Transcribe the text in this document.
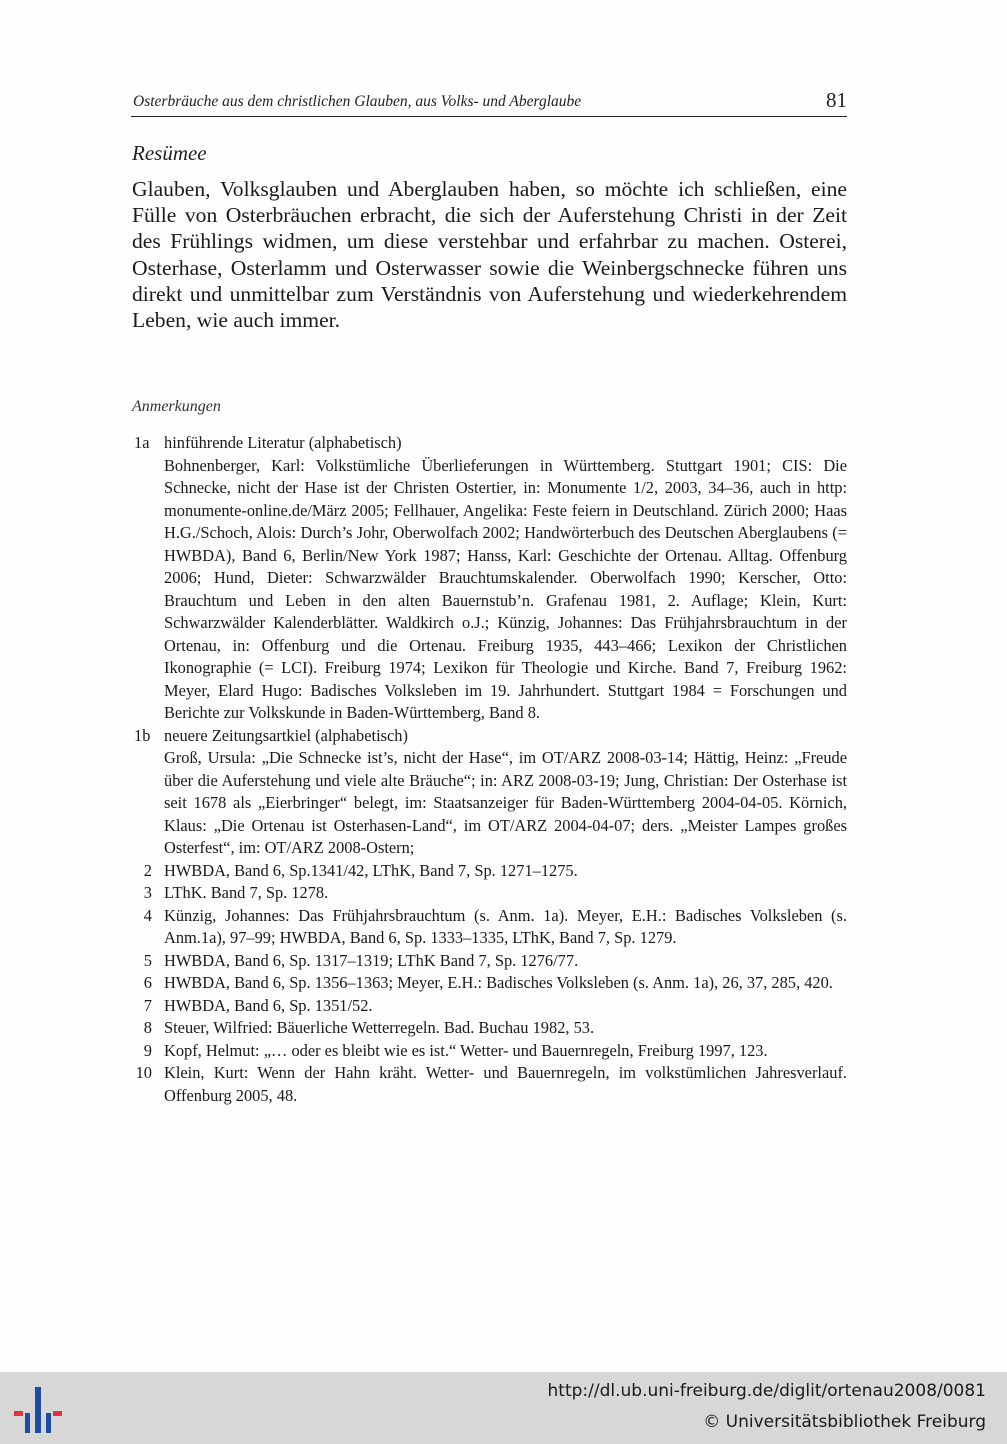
Osterbräuche aus dem christlichen Glauben, aus Volks- und Aberglaube	81
Resümee

Glauben, Volksglauben und Aberglauben haben, so möchte ich schließen, eine Fülle von Osterbräuchen erbracht, die sich der Auferstehung Christi in der Zeit des Frühlings widmen, um diese verstehbar und erfahrbar zu machen. Osterei, Osterhase, Osterlamm und Osterwasser sowie die Weinbergschnecke führen uns direkt und unmittelbar zum Verständnis von Auferstehung und wiederkehrendem Leben, wie auch immer.

Anmerkungen
1a hinführende Literatur (alphabetisch)
Bohnenberger, Karl: Volkstümliche Überlieferungen in Württemberg. Stuttgart 1901; CIS: Die Schnecke, nicht der Hase ist der Christen Ostertier, in: Monumente 1/2, 2003, 34–36, auch in http: monumente-online.de/März 2005; Fellhauer, Angelika: Feste feiern in Deutschland. Zürich 2000; Haas H.G./Schoch, Alois: Durch’s Johr, Oberwolfach 2002; Handwörterbuch des Deutschen Aberglaubens (= HWBDA), Band 6, Berlin/New York 1987; Hanss, Karl: Geschichte der Ortenau. Alltag. Offenburg 2006; Hund, Dieter: Schwarzwälder Brauchtumskalender. Oberwolfach 1990; Kerscher, Otto: Brauchtum und Leben in den alten Bauernstub’n. Grafenau 1981, 2. Auflage; Klein, Kurt: Schwarzwälder Kalenderblätter. Waldkirch o.J.; Künzig, Johannes: Das Frühjahrsbrauchtum in der Ortenau, in: Offenburg und die Ortenau. Freiburg 1935, 443–466; Lexikon der Christlichen Ikonographie (= LCI). Freiburg 1974; Lexikon für Theologie und Kirche. Band 7, Freiburg 1962: Meyer, Elard Hugo: Badisches Volksleben im 19. Jahrhundert. Stuttgart 1984 = Forschungen und Berichte zur Volkskunde in Baden-Württemberg, Band 8.
1b neuere Zeitungsartkiel (alphabetisch)
Groß, Ursula: „Die Schnecke ist’s, nicht der Hase“, im OT/ARZ 2008-03-14; Hättig, Heinz: „Freude über die Auferstehung und viele alte Bräuche“; in: ARZ 2008-03-19; Jung, Christian: Der Osterhase ist seit 1678 als „Eierbringer“ belegt, im: Staatsanzeiger für Baden-Württemberg 2004-04-05. Körnich, Klaus: „Die Ortenau ist Osterhasen-Land“, im OT/ARZ 2004-04-07; ders. „Meister Lampes großes Osterfest“, im: OT/ARZ 2008-Ostern;
2 HWBDA, Band 6, Sp.1341/42, LThK, Band 7, Sp. 1271–1275.
3 LThK. Band 7, Sp. 1278.
4 Künzig, Johannes: Das Frühjahrsbrauchtum (s. Anm. 1a). Meyer, E.H.: Badisches Volksleben (s. Anm.1a), 97–99; HWBDA, Band 6, Sp. 1333–1335, LThK, Band 7, Sp. 1279.
5 HWBDA, Band 6, Sp. 1317–1319; LThK Band 7, Sp. 1276/77.
6 HWBDA, Band 6, Sp. 1356–1363; Meyer, E.H.: Badisches Volksleben (s. Anm. 1a), 26, 37, 285, 420.
7 HWBDA, Band 6, Sp. 1351/52.
8 Steuer, Wilfried: Bäuerliche Wetterregeln. Bad. Buchau 1982, 53.
9 Kopf, Helmut: „… oder es bleibt wie es ist.“ Wetter- und Bauernregeln, Freiburg 1997, 123.
10 Klein, Kurt: Wenn der Hahn kräht. Wetter- und Bauernregeln, im volkstümlichen Jahresverlauf. Offenburg 2005, 48.
http://dl.ub.uni-freiburg.de/diglit/ortenau2008/0081
© Universitätsbibliothek Freiburg
